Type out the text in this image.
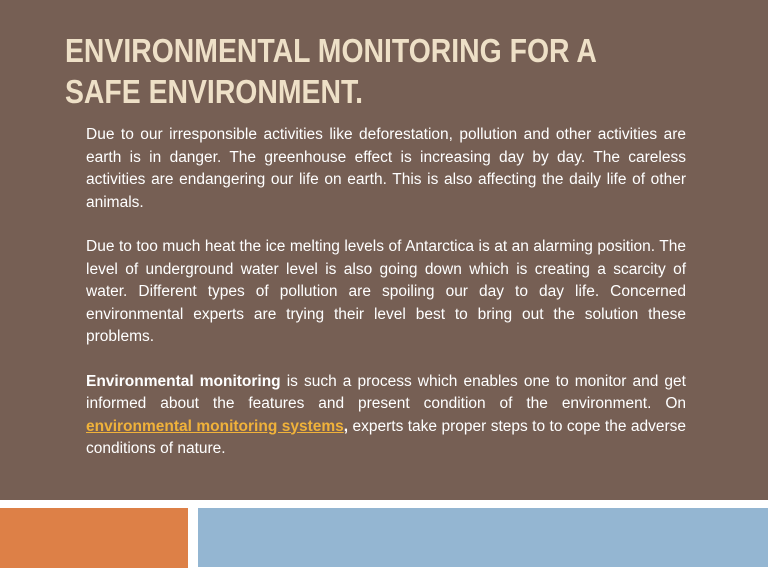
ENVIRONMENTAL MONITORING FOR A
SAFE ENVIRONMENT.

Due to our irresponsible activities like deforestation, pollution and other activities are earth is in danger. The greenhouse effect is increasing day by day. The careless activities are endangering our life on earth. This is also affecting the daily life of other animals.

Due to too much heat the ice melting levels of Antarctica is at an alarming position. The level of underground water level is also going down which is creating a scarcity of water. Different types of pollution are spoiling our day to day life. Concerned environmental experts are trying their level best to bring out the solution these problems.

Environmental monitoring is such a process which enables one to monitor and get informed about the features and present condition of the environment. On environmental monitoring systems, experts take proper steps to to cope the adverse conditions of nature.
